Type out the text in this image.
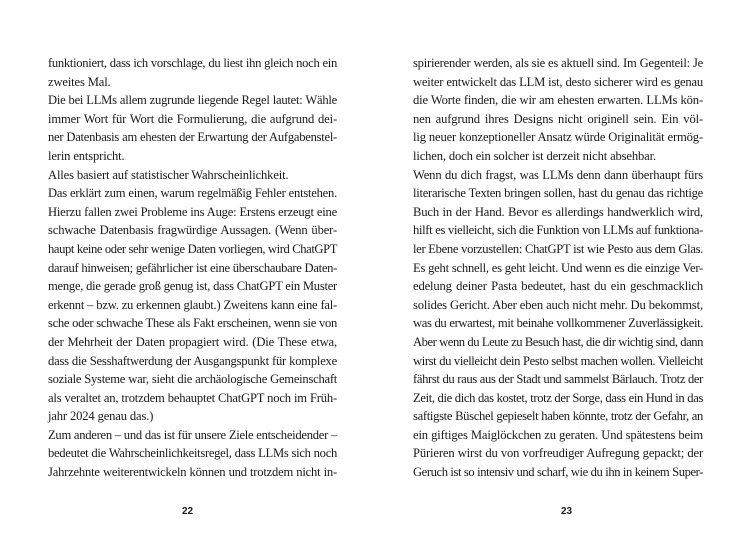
funktioniert, dass ich vorschlage, du liest ihn gleich noch ein
zweites Mal.
Die bei LLMs allem zugrunde liegende Regel lautet: Wähle
immer Wort für Wort die Formulierung, die aufgrund dei-
ner Datenbasis am ehesten der Erwartung der Aufgabenstel-
lerin entspricht.
Alles basiert auf statistischer Wahrscheinlichkeit.
Das erklärt zum einen, warum regelmäßig Fehler entstehen.
Hierzu fallen zwei Probleme ins Auge: Erstens erzeugt eine
schwache Datenbasis fragwürdige Aussagen. (Wenn über-
haupt keine oder sehr wenige Daten vorliegen, wird ChatGPT
darauf hinweisen; gefährlicher ist eine überschaubare Daten-
menge, die gerade groß genug ist, dass ChatGPT ein Muster
erkennt – bzw. zu erkennen glaubt.) Zweitens kann eine fal-
sche oder schwache These als Fakt erscheinen, wenn sie von
der Mehrheit der Daten propagiert wird. (Die These etwa,
dass die Sesshaftwerdung der Ausgangspunkt für komplexe
soziale Systeme war, sieht die archäologische Gemeinschaft
als veraltet an, trotzdem behauptet ChatGPT noch im Früh-
jahr 2024 genau das.)
Zum anderen – und das ist für unsere Ziele entscheidender –
bedeutet die Wahrscheinlichkeitsregel, dass LLMs sich noch
Jahrzehnte weiterentwickeln können und trotzdem nicht in-
22
spirierender werden, als sie es aktuell sind. Im Gegenteil: Je
weiter entwickelt das LLM ist, desto sicherer wird es genau
die Worte finden, die wir am ehesten erwarten. LLMs kön-
nen aufgrund ihres Designs nicht originell sein. Ein völ-
lig neuer konzeptioneller Ansatz würde Originalität ermög-
lichen, doch ein solcher ist derzeit nicht absehbar.
Wenn du dich fragst, was LLMs denn dann überhaupt fürs
literarische Texten bringen sollen, hast du genau das richtige
Buch in der Hand. Bevor es allerdings handwerklich wird,
hilft es vielleicht, sich die Funktion von LLMs auf funktiona-
ler Ebene vorzustellen: ChatGPT ist wie Pesto aus dem Glas.
Es geht schnell, es geht leicht. Und wenn es die einzige Ver-
edelung deiner Pasta bedeutet, hast du ein geschmacklich
solides Gericht. Aber eben auch nicht mehr. Du bekommst,
was du erwartest, mit beinahe vollkommener Zuverlässigkeit.
Aber wenn du Leute zu Besuch hast, die dir wichtig sind, dann
wirst du vielleicht dein Pesto selbst machen wollen. Vielleicht
fährst du raus aus der Stadt und sammelst Bärlauch. Trotz der
Zeit, die dich das kostet, trotz der Sorge, dass ein Hund in das
saftigste Büschel gepieselt haben könnte, trotz der Gefahr, an
ein giftiges Maiglöckchen zu geraten. Und spätestens beim
Pürieren wirst du von vorfreudiger Aufregung gepackt; der
Geruch ist so intensiv und scharf, wie du ihn in keinem Super-
23
